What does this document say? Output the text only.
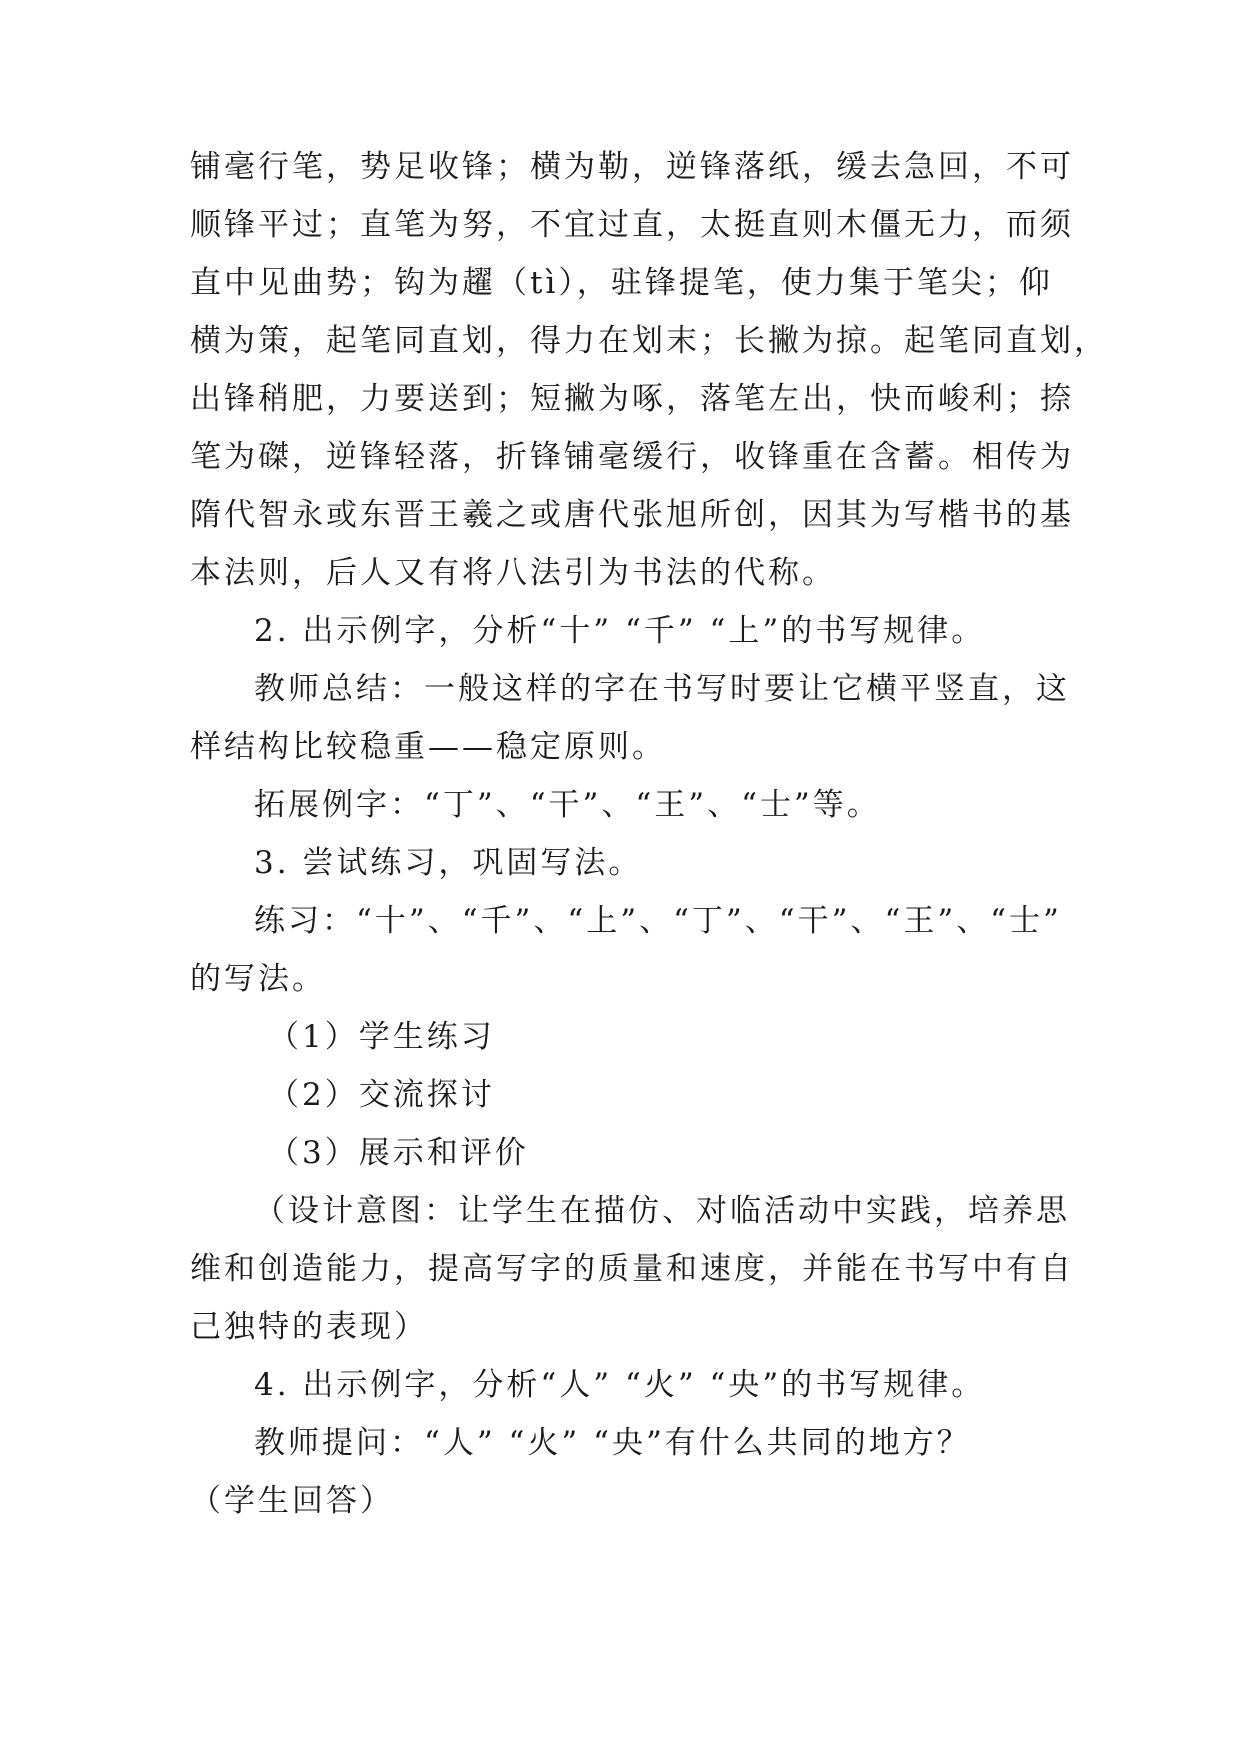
铺毫行笔，势足收锋；横为勒，逆锋落纸，缓去急回，不可
顺锋平过；直笔为努，不宜过直，太挺直则木僵无力，而须
直中见曲势；钩为趯（tì），驻锋提笔，使力集于笔尖；仰
横为策，起笔同直划，得力在划末；长撇为掠。起笔同直划，
出锋稍肥，力要送到；短撇为啄，落笔左出，快而峻利；捺
笔为磔，逆锋轻落，折锋铺毫缓行，收锋重在含蓄。相传为
隋代智永或东晋王羲之或唐代张旭所创，因其为写楷书的基
本法则，后人又有将八法引为书法的代称。
2. 出示例字，分析“十” “千” “上”的书写规律。
教师总结：一般这样的字在书写时要让它横平竖直，这
样结构比较稳重——稳定原则。
拓展例字：“丁”、“干”、“王”、“士”等。
3. 尝试练习，巩固写法。
练习：“十”、“千”、“上”、“丁”、“干”、“王”、“士”
的写法。
（1）学生练习
（2）交流探讨
（3）展示和评价
（设计意图：让学生在描仿、对临活动中实践，培养思
维和创造能力，提高写字的质量和速度，并能在书写中有自
己独特的表现）
4. 出示例字，分析“人” “火” “央”的书写规律。
教师提问：“人” “火” “央”有什么共同的地方？
（学生回答）
